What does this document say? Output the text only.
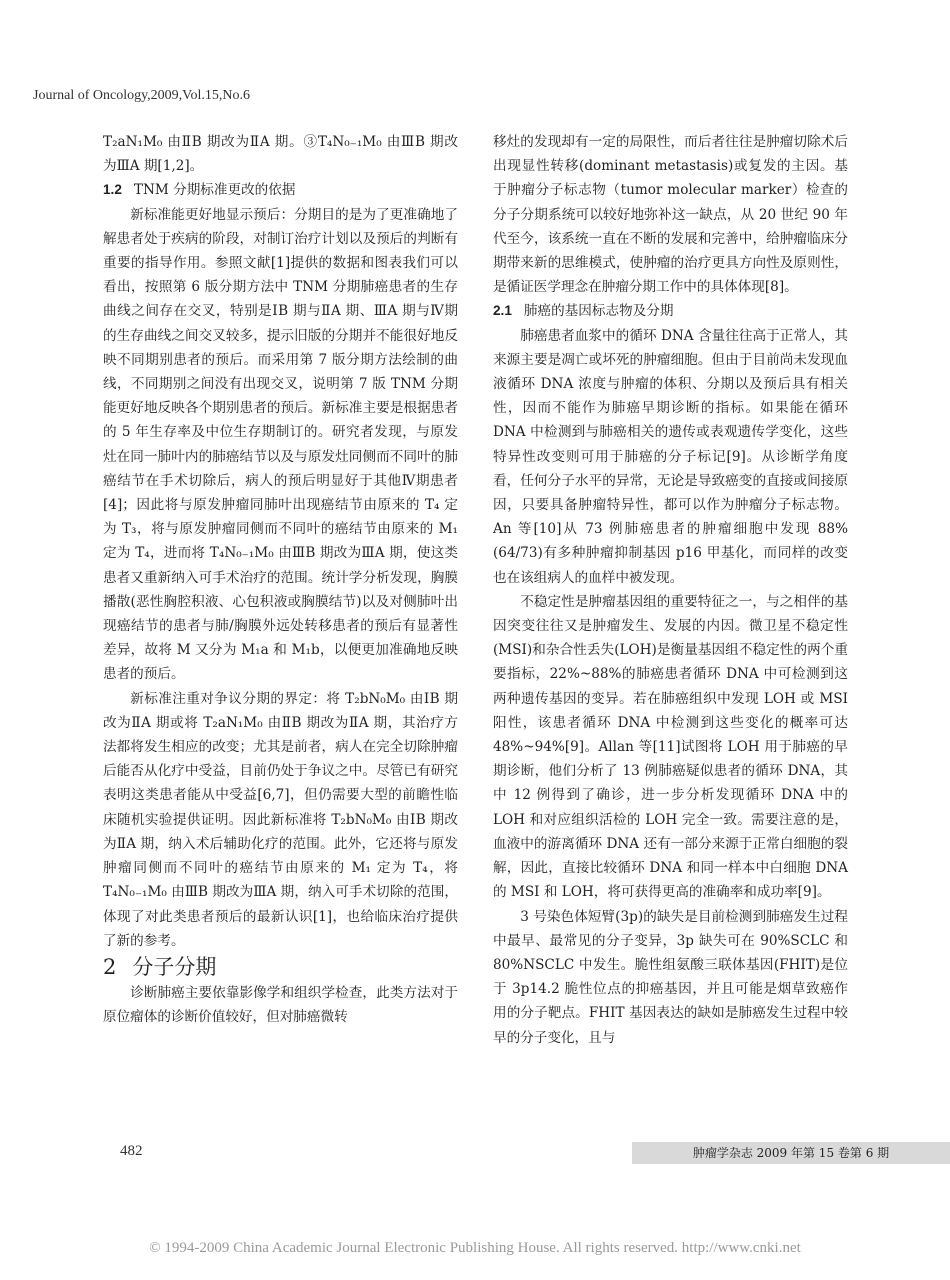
Journal of Oncology,2009,Vol.15,No.6

T₂aN₁M₀ 由ⅡB 期改为ⅡA 期。③T₄N₀₋₁M₀ 由ⅢB 期改为ⅢA 期[1,2]。

1.2 TNM 分期标准更改的依据

新标准能更好地显示预后：分期目的是为了更准确地了解患者处于疾病的阶段，对制订治疗计划以及预后的判断有重要的指导作用。参照文献[1]提供的数据和图表我们可以看出，按照第 6 版分期方法中 TNM 分期肺癌患者的生存曲线之间存在交叉，特别是ⅠB 期与ⅡA 期、ⅢA 期与Ⅳ期的生存曲线之间交叉较多，提示旧版的分期并不能很好地反映不同期别患者的预后。而采用第 7 版分期方法绘制的曲线，不同期别之间没有出现交叉，说明第 7 版 TNM 分期能更好地反映各个期别患者的预后。新标准主要是根据患者的 5 年生存率及中位生存期制订的。研究者发现，与原发灶在同一肺叶内的肺癌结节以及与原发灶同侧而不同叶的肺癌结节在手术切除后，病人的预后明显好于其他Ⅳ期患者[4]；因此将与原发肿瘤同肺叶出现癌结节由原来的 T₄ 定为 T₃，将与原发肿瘤同侧而不同叶的癌结节由原来的 M₁ 定为 T₄，进而将 T₄N₀₋₁M₀ 由ⅢB 期改为ⅢA 期，使这类患者又重新纳入可手术治疗的范围。统计学分析发现，胸膜播散(恶性胸腔积液、心包积液或胸膜结节)以及对侧肺叶出现癌结节的患者与肺/胸膜外远处转移患者的预后有显著性差异，故将 M 又分为 M₁a 和 M₁b，以便更加准确地反映患者的预后。

新标准注重对争议分期的界定：将 T₂bN₀M₀ 由ⅠB 期改为ⅡA 期或将 T₂aN₁M₀ 由ⅡB 期改为ⅡA 期，其治疗方法都将发生相应的改变；尤其是前者，病人在完全切除肿瘤后能否从化疗中受益，目前仍处于争议之中。尽管已有研究表明这类患者能从中受益[6,7]，但仍需要大型的前瞻性临床随机实验提供证明。因此新标准将 T₂bN₀M₀ 由ⅠB 期改为ⅡA 期，纳入术后辅助化疗的范围。此外，它还将与原发肿瘤同侧而不同叶的癌结节由原来的 M₁ 定为 T₄，将 T₄N₀₋₁M₀ 由ⅢB 期改为ⅢA 期，纳入可手术切除的范围，体现了对此类患者预后的最新认识[1]，也给临床治疗提供了新的参考。

2 分子分期

诊断肺癌主要依靠影像学和组织学检查，此类方法对于原位瘤体的诊断价值较好，但对肺癌微转

移灶的发现却有一定的局限性，而后者往往是肿瘤切除术后出现显性转移(dominant metastasis)或复发的主因。基于肿瘤分子标志物（tumor molecular marker）检查的分子分期系统可以较好地弥补这一缺点，从 20 世纪 90 年代至今，该系统一直在不断的发展和完善中，给肿瘤临床分期带来新的思维模式，使肿瘤的治疗更具方向性及原则性，是循证医学理念在肿瘤分期工作中的具体体现[8]。

2.1 肺癌的基因标志物及分期

肺癌患者血浆中的循环 DNA 含量往往高于正常人，其来源主要是凋亡或坏死的肿瘤细胞。但由于目前尚未发现血液循环 DNA 浓度与肿瘤的体积、分期以及预后具有相关性，因而不能作为肺癌早期诊断的指标。如果能在循环 DNA 中检测到与肺癌相关的遗传或表观遗传学变化，这些特异性改变则可用于肺癌的分子标记[9]。从诊断学角度看，任何分子水平的异常，无论是导致癌变的直接或间接原因，只要具备肿瘤特异性，都可以作为肿瘤分子标志物。An 等[10]从 73 例肺癌患者的肿瘤细胞中发现 88%(64/73)有多种肿瘤抑制基因 p16 甲基化，而同样的改变也在该组病人的血样中被发现。

不稳定性是肿瘤基因组的重要特征之一，与之相伴的基因突变往往又是肿瘤发生、发展的内因。微卫星不稳定性(MSI)和杂合性丢失(LOH)是衡量基因组不稳定性的两个重要指标，22%~88%的肺癌患者循环 DNA 中可检测到这两种遗传基因的变异。若在肺癌组织中发现 LOH 或 MSI 阳性，该患者循环 DNA 中检测到这些变化的概率可达 48%~94%[9]。Allan 等[11]试图将 LOH 用于肺癌的早期诊断，他们分析了 13 例肺癌疑似患者的循环 DNA，其中 12 例得到了确诊，进一步分析发现循环 DNA 中的 LOH 和对应组织活检的 LOH 完全一致。需要注意的是，血液中的游离循环 DNA 还有一部分来源于正常白细胞的裂解，因此，直接比较循环 DNA 和同一样本中白细胞 DNA 的 MSI 和 LOH，将可获得更高的准确率和成功率[9]。

3 号染色体短臂(3p)的缺失是目前检测到肺癌发生过程中最早、最常见的分子变异，3p 缺失可在 90%SCLC 和 80%NSCLC 中发生。脆性组氨酸三联体基因(FHIT)是位于 3p14.2 脆性位点的抑癌基因，并且可能是烟草致癌作用的分子靶点。FHIT 基因表达的缺如是肺癌发生过程中较早的分子变化，且与

482	肿瘤学杂志 2009 年第 15 卷第 6 期
© 1994-2009 China Academic Journal Electronic Publishing House. All rights reserved. http://www.cnki.net
